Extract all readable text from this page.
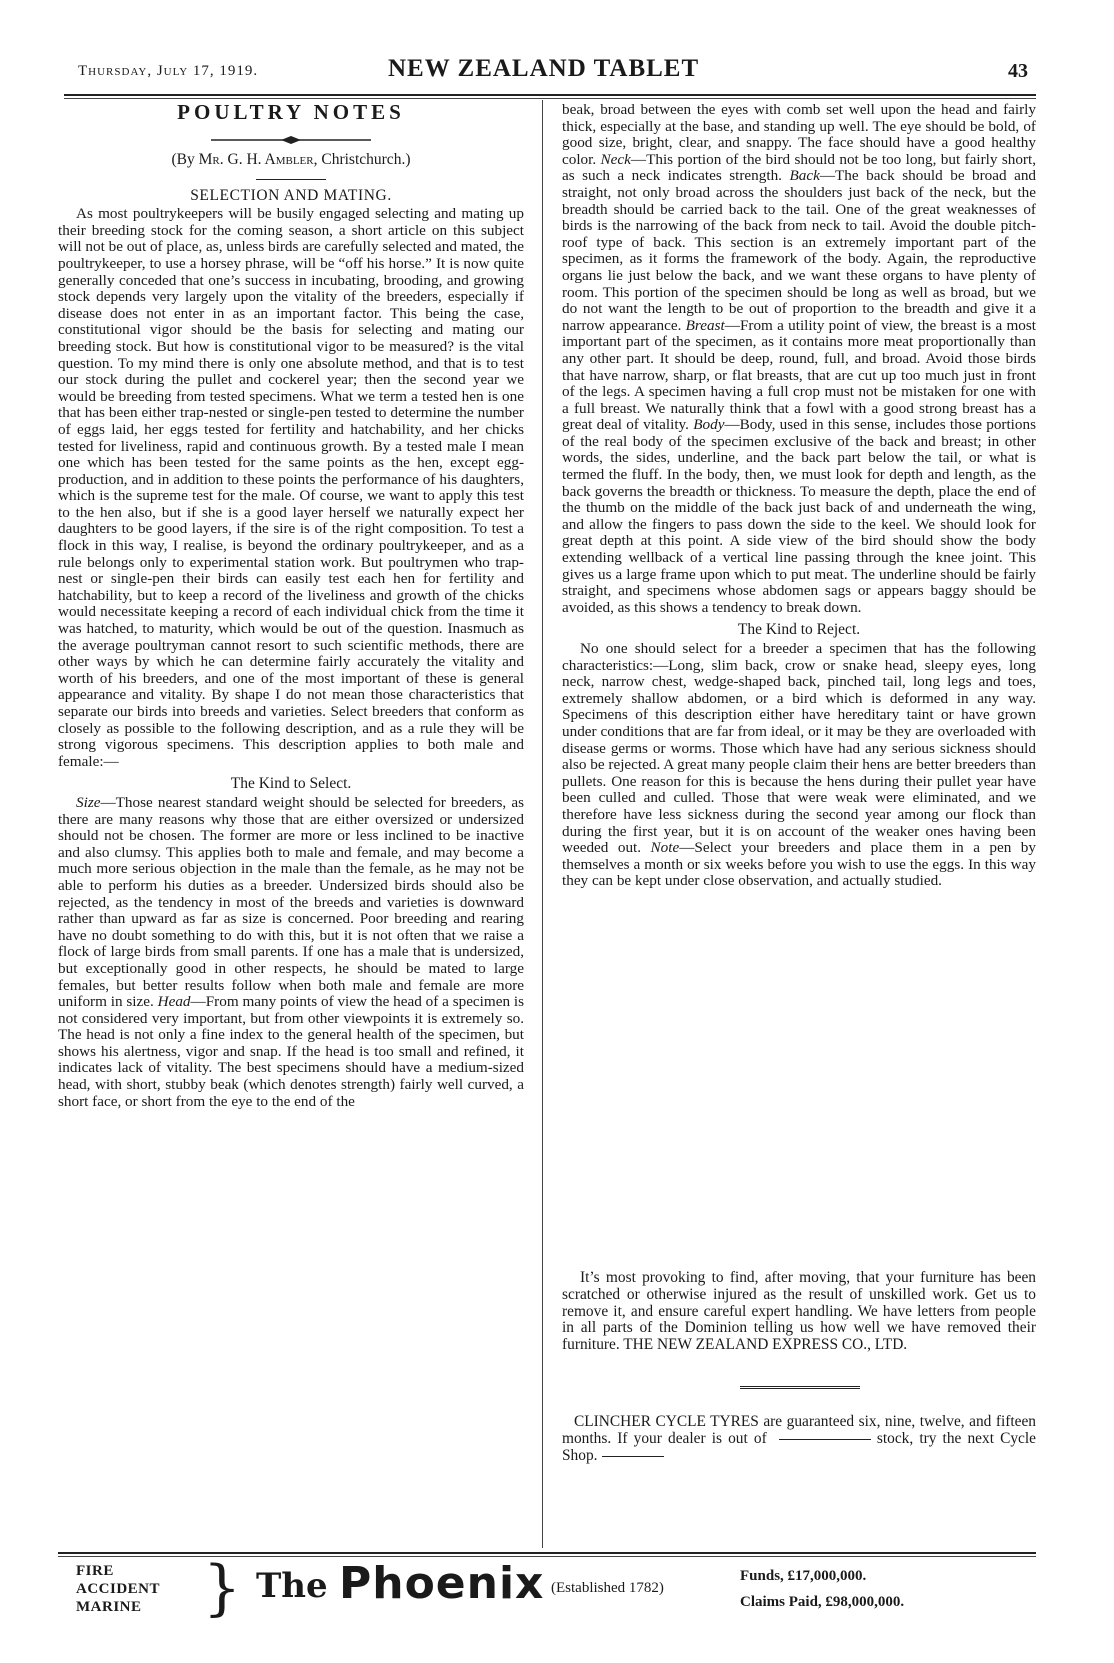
Thursday, July 17, 1919.	NEW ZEALAND TABLET	43
POULTRY NOTES
(By Mr. G. H. Ambler, Christchurch.)
SELECTION AND MATING.

As most poultrykeepers will be busily engaged selecting and mating up their breeding stock for the coming season, a short article on this subject will not be out of place, as, unless birds are carefully selected and mated, the poultrykeeper, to use a horsey phrase, will be “off his horse.” It is now quite generally conceded that one’s success in incubating, brooding, and growing stock depends very largely upon the vitality of the breeders, especially if disease does not enter in as an important factor. This being the case, constitutional vigor should be the basis for selecting and mating our breeding stock. But how is constitutional vigor to be measured? is the vital question. To my mind there is only one absolute method, and that is to test our stock during the pullet and cockerel year; then the second year we would be breeding from tested specimens. What we term a tested hen is one that has been either trap-nested or single-pen tested to determine the number of eggs laid, her eggs tested for fertility and hatchability, and her chicks tested for liveliness, rapid and continuous growth. By a tested male I mean one which has been tested for the same points as the hen, except egg-production, and in addition to these points the performance of his daughters, which is the supreme test for the male. Of course, we want to apply this test to the hen also, but if she is a good layer herself we naturally expect her daughters to be good layers, if the sire is of the right composition. To test a flock in this way, I realise, is beyond the ordinary poultrykeeper, and as a rule belongs only to experimental station work. But poultrymen who trap-nest or single-pen their birds can easily test each hen for fertility and hatchability, but to keep a record of the liveliness and growth of the chicks would necessitate keeping a record of each individual chick from the time it was hatched, to maturity, which would be out of the question. Inasmuch as the average poultryman cannot resort to such scientific methods, there are other ways by which he can determine fairly accurately the vitality and worth of his breeders, and one of the most important of these is general appearance and vitality. By shape I do not mean those characteristics that separate our birds into breeds and varieties. Select breeders that conform as closely as possible to the following description, and as a rule they will be strong vigorous specimens. This description applies to both male and female:—

The Kind to Select.

Size—Those nearest standard weight should be selected for breeders, as there are many reasons why those that are either oversized or undersized should not be chosen. The former are more or less inclined to be inactive and also clumsy. This applies both to male and female, and may become a much more serious objection in the male than the female, as he may not be able to perform his duties as a breeder. Undersized birds should also be rejected, as the tendency in most of the breeds and varieties is downward rather than upward as far as size is concerned. Poor breeding and rearing have no doubt something to do with this, but it is not often that we raise a flock of large birds from small parents. If one has a male that is undersized, but exceptionally good in other respects, he should be mated to large females, but better results follow when both male and female are more uniform in size. Head—From many points of view the head of a specimen is not considered very important, but from other viewpoints it is extremely so. The head is not only a fine index to the general health of the specimen, but shows his alertness, vigor and snap. If the head is too small and refined, it indicates lack of vitality. The best specimens should have a medium-sized head, with short, stubby beak (which denotes strength) fairly well curved, a short face, or short from the eye to the end of the

beak, broad between the eyes with comb set well upon the head and fairly thick, especially at the base, and standing up well. The eye should be bold, of good size, bright, clear, and snappy. The face should have a good healthy color. Neck—This portion of the bird should not be too long, but fairly short, as such a neck indicates strength. Back—The back should be broad and straight, not only broad across the shoulders just back of the neck, but the breadth should be carried back to the tail. One of the great weaknesses of birds is the narrowing of the back from neck to tail. Avoid the double pitch-roof type of back. This section is an extremely important part of the specimen, as it forms the framework of the body. Again, the reproductive organs lie just below the back, and we want these organs to have plenty of room. This portion of the specimen should be long as well as broad, but we do not want the length to be out of proportion to the breadth and give it a narrow appearance. Breast—From a utility point of view, the breast is a most important part of the specimen, as it contains more meat proportionally than any other part. It should be deep, round, full, and broad. Avoid those birds that have narrow, sharp, or flat breasts, that are cut up too much just in front of the legs. A specimen having a full crop must not be mistaken for one with a full breast. We naturally think that a fowl with a good strong breast has a great deal of vitality. Body—Body, used in this sense, includes those portions of the real body of the specimen exclusive of the back and breast; in other words, the sides, underline, and the back part below the tail, or what is termed the fluff. In the body, then, we must look for depth and length, as the back governs the breadth or thickness. To measure the depth, place the end of the thumb on the middle of the back just back of and underneath the wing, and allow the fingers to pass down the side to the keel. We should look for great depth at this point. A side view of the bird should show the body extending wellback of a vertical line passing through the knee joint. This gives us a large frame upon which to put meat. The underline should be fairly straight, and specimens whose abdomen sags or appears baggy should be avoided, as this shows a tendency to break down.

The Kind to Reject.

No one should select for a breeder a specimen that has the following characteristics:—Long, slim back, crow or snake head, sleepy eyes, long neck, narrow chest, wedge-shaped back, pinched tail, long legs and toes, extremely shallow abdomen, or a bird which is deformed in any way. Specimens of this description either have hereditary taint or have grown under conditions that are far from ideal, or it may be they are overloaded with disease germs or worms. Those which have had any serious sickness should also be rejected. A great many people claim their hens are better breeders than pullets. One reason for this is because the hens during their pullet year have been culled and culled. Those that were weak were eliminated, and we therefore have less sickness during the second year among our flock than during the first year, but it is on account of the weaker ones having been weeded out. Note—Select your breeders and place them in a pen by themselves a month or six weeks before you wish to use the eggs. In this way they can be kept under close observation, and actually studied.

It’s most provoking to find, after moving, that your furniture has been scratched or otherwise injured as the result of unskilled work. Get us to remove it, and ensure careful expert handling. We have letters from people in all parts of the Dominion telling us how well we have removed their furniture. THE NEW ZEALAND EXPRESS CO., LTD.

CLINCHER CYCLE TYRES are guaranteed six, nine, twelve, and fifteen months. If your dealer is out of	stock, try the next Cycle Shop.

FIRE
ACCIDENT
MARINE	} The Phoenix (Established 1782)
Funds, £17,000,000.
Claims Paid, £98,000,000.
